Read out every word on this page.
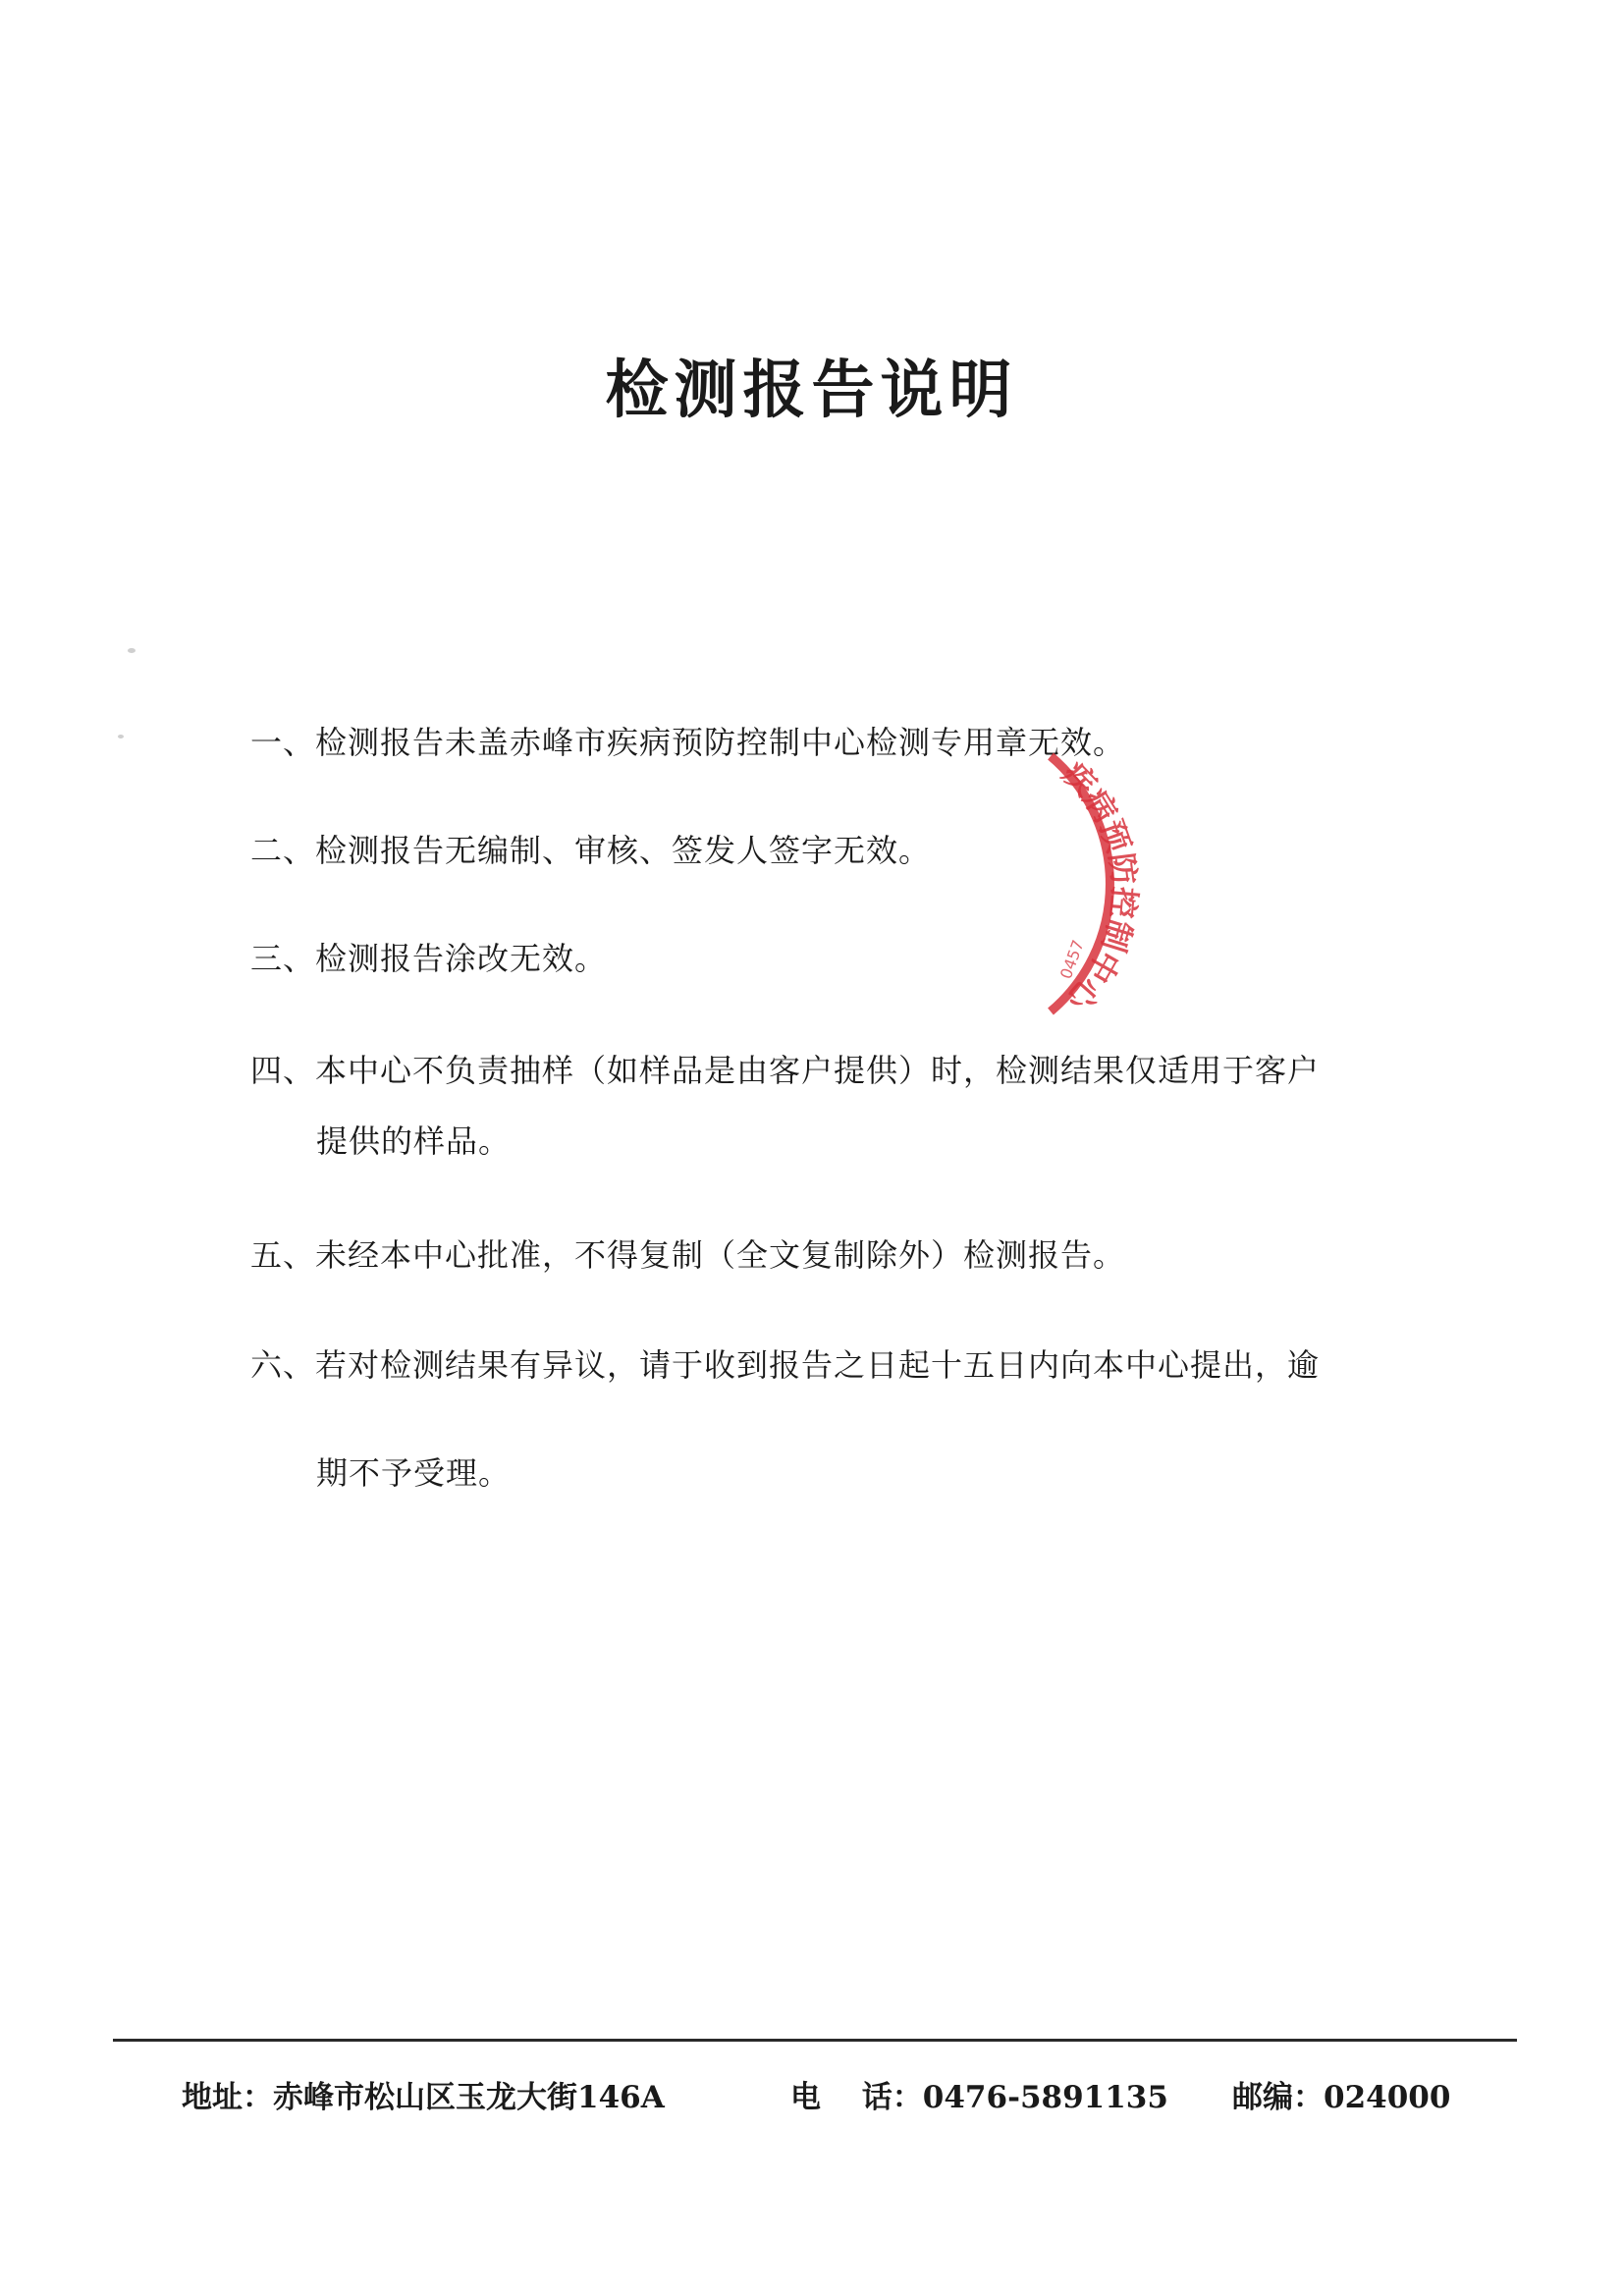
检测报告说明
一、检测报告未盖赤峰市疾病预防控制中心检测专用章无效。
二、检测报告无编制、审核、签发人签字无效。
三、检测报告涂改无效。
四、本中心不负责抽样（如样品是由客户提供）时，检测结果仅适用于客户
提供的样品。
五、未经本中心批准，不得复制（全文复制除外）检测报告。
六、若对检测结果有异议，请于收到报告之日起十五日内向本中心提出，逾
期不予受理。
疾病预防控制中心
0457
地址：赤峰市松山区玉龙大街146A	电　 话：0476-5891135 邮编：024000
